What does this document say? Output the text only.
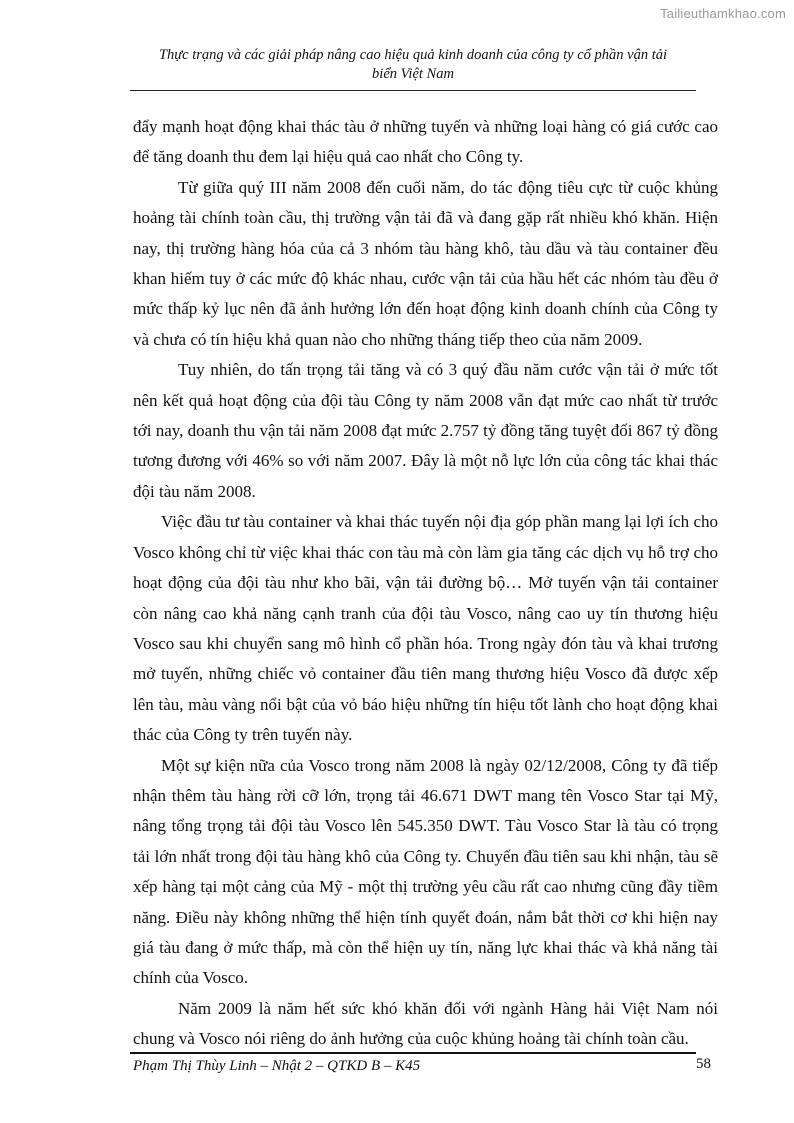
Tailieuthamkhao.com
Thực trạng và các giải pháp nâng cao hiệu quả kinh doanh của công ty cổ phần vận tải
biển Việt Nam

đẩy mạnh hoạt động khai thác tàu ở những tuyến và những loại hàng có giá cước cao để tăng doanh thu đem lại hiệu quả cao nhất cho Công ty.

Từ giữa quý III năm 2008 đến cuối năm, do tác động tiêu cực từ cuộc khủng hoảng tài chính toàn cầu, thị trường vận tải đã và đang gặp rất nhiều khó khăn. Hiện nay, thị trường hàng hóa của cả 3 nhóm tàu hàng khô, tàu dầu và tàu container đều khan hiếm tuy ở các mức độ khác nhau, cước vận tải của hầu hết các nhóm tàu đều ở mức thấp kỷ lục nên đã ảnh hưởng lớn đến hoạt động kinh doanh chính của Công ty và chưa có tín hiệu khả quan nào cho những tháng tiếp theo của năm 2009.

Tuy nhiên, do tấn trọng tải tăng và có 3 quý đầu năm cước vận tải ở mức tốt nên kết quả hoạt động của đội tàu Công ty năm 2008 vẫn đạt mức cao nhất từ trước tới nay, doanh thu vận tải năm 2008 đạt mức 2.757 tỷ đồng tăng tuyệt đối 867 tỷ đồng tương đương với 46% so với năm 2007. Đây là một nỗ lực lớn của công tác khai thác đội tàu năm 2008.

Việc đầu tư tàu container và khai thác tuyến nội địa góp phần mang lại lợi ích cho Vosco không chỉ từ việc khai thác con tàu mà còn làm gia tăng các dịch vụ hỗ trợ cho hoạt động của đội tàu như kho bãi, vận tải đường bộ… Mở tuyến vận tải container còn nâng cao khả năng cạnh tranh của đội tàu Vosco, nâng cao uy tín thương hiệu Vosco sau khi chuyển sang mô hình cổ phần hóa. Trong ngày đón tàu và khai trương mở tuyến, những chiếc vỏ container đầu tiên mang thương hiệu Vosco đã được xếp lên tàu, màu vàng nổi bật của vỏ báo hiệu những tín hiệu tốt lành cho hoạt động khai thác của Công ty trên tuyến này.

Một sự kiện nữa của Vosco trong năm 2008 là ngày 02/12/2008, Công ty đã tiếp nhận thêm tàu hàng rời cỡ lớn, trọng tải 46.671 DWT mang tên Vosco Star tại Mỹ, nâng tổng trọng tải đội tàu Vosco lên 545.350 DWT. Tàu Vosco Star là tàu có trọng tải lớn nhất trong đội tàu hàng khô của Công ty. Chuyến đầu tiên sau khi nhận, tàu sẽ xếp hàng tại một cảng của Mỹ - một thị trường yêu cầu rất cao nhưng cũng đầy tiềm năng. Điều này không những thể hiện tính quyết đoán, nắm bắt thời cơ khi hiện nay giá tàu đang ở mức thấp, mà còn thể hiện uy tín, năng lực khai thác và khả năng tài chính của Vosco.

Năm 2009 là năm hết sức khó khăn đối với ngành Hàng hải Việt Nam nói chung và Vosco nói riêng do ảnh hưởng của cuộc khủng hoảng tài chính toàn cầu.

Phạm Thị Thùy Linh – Nhật 2 – QTKD B – K45	58
